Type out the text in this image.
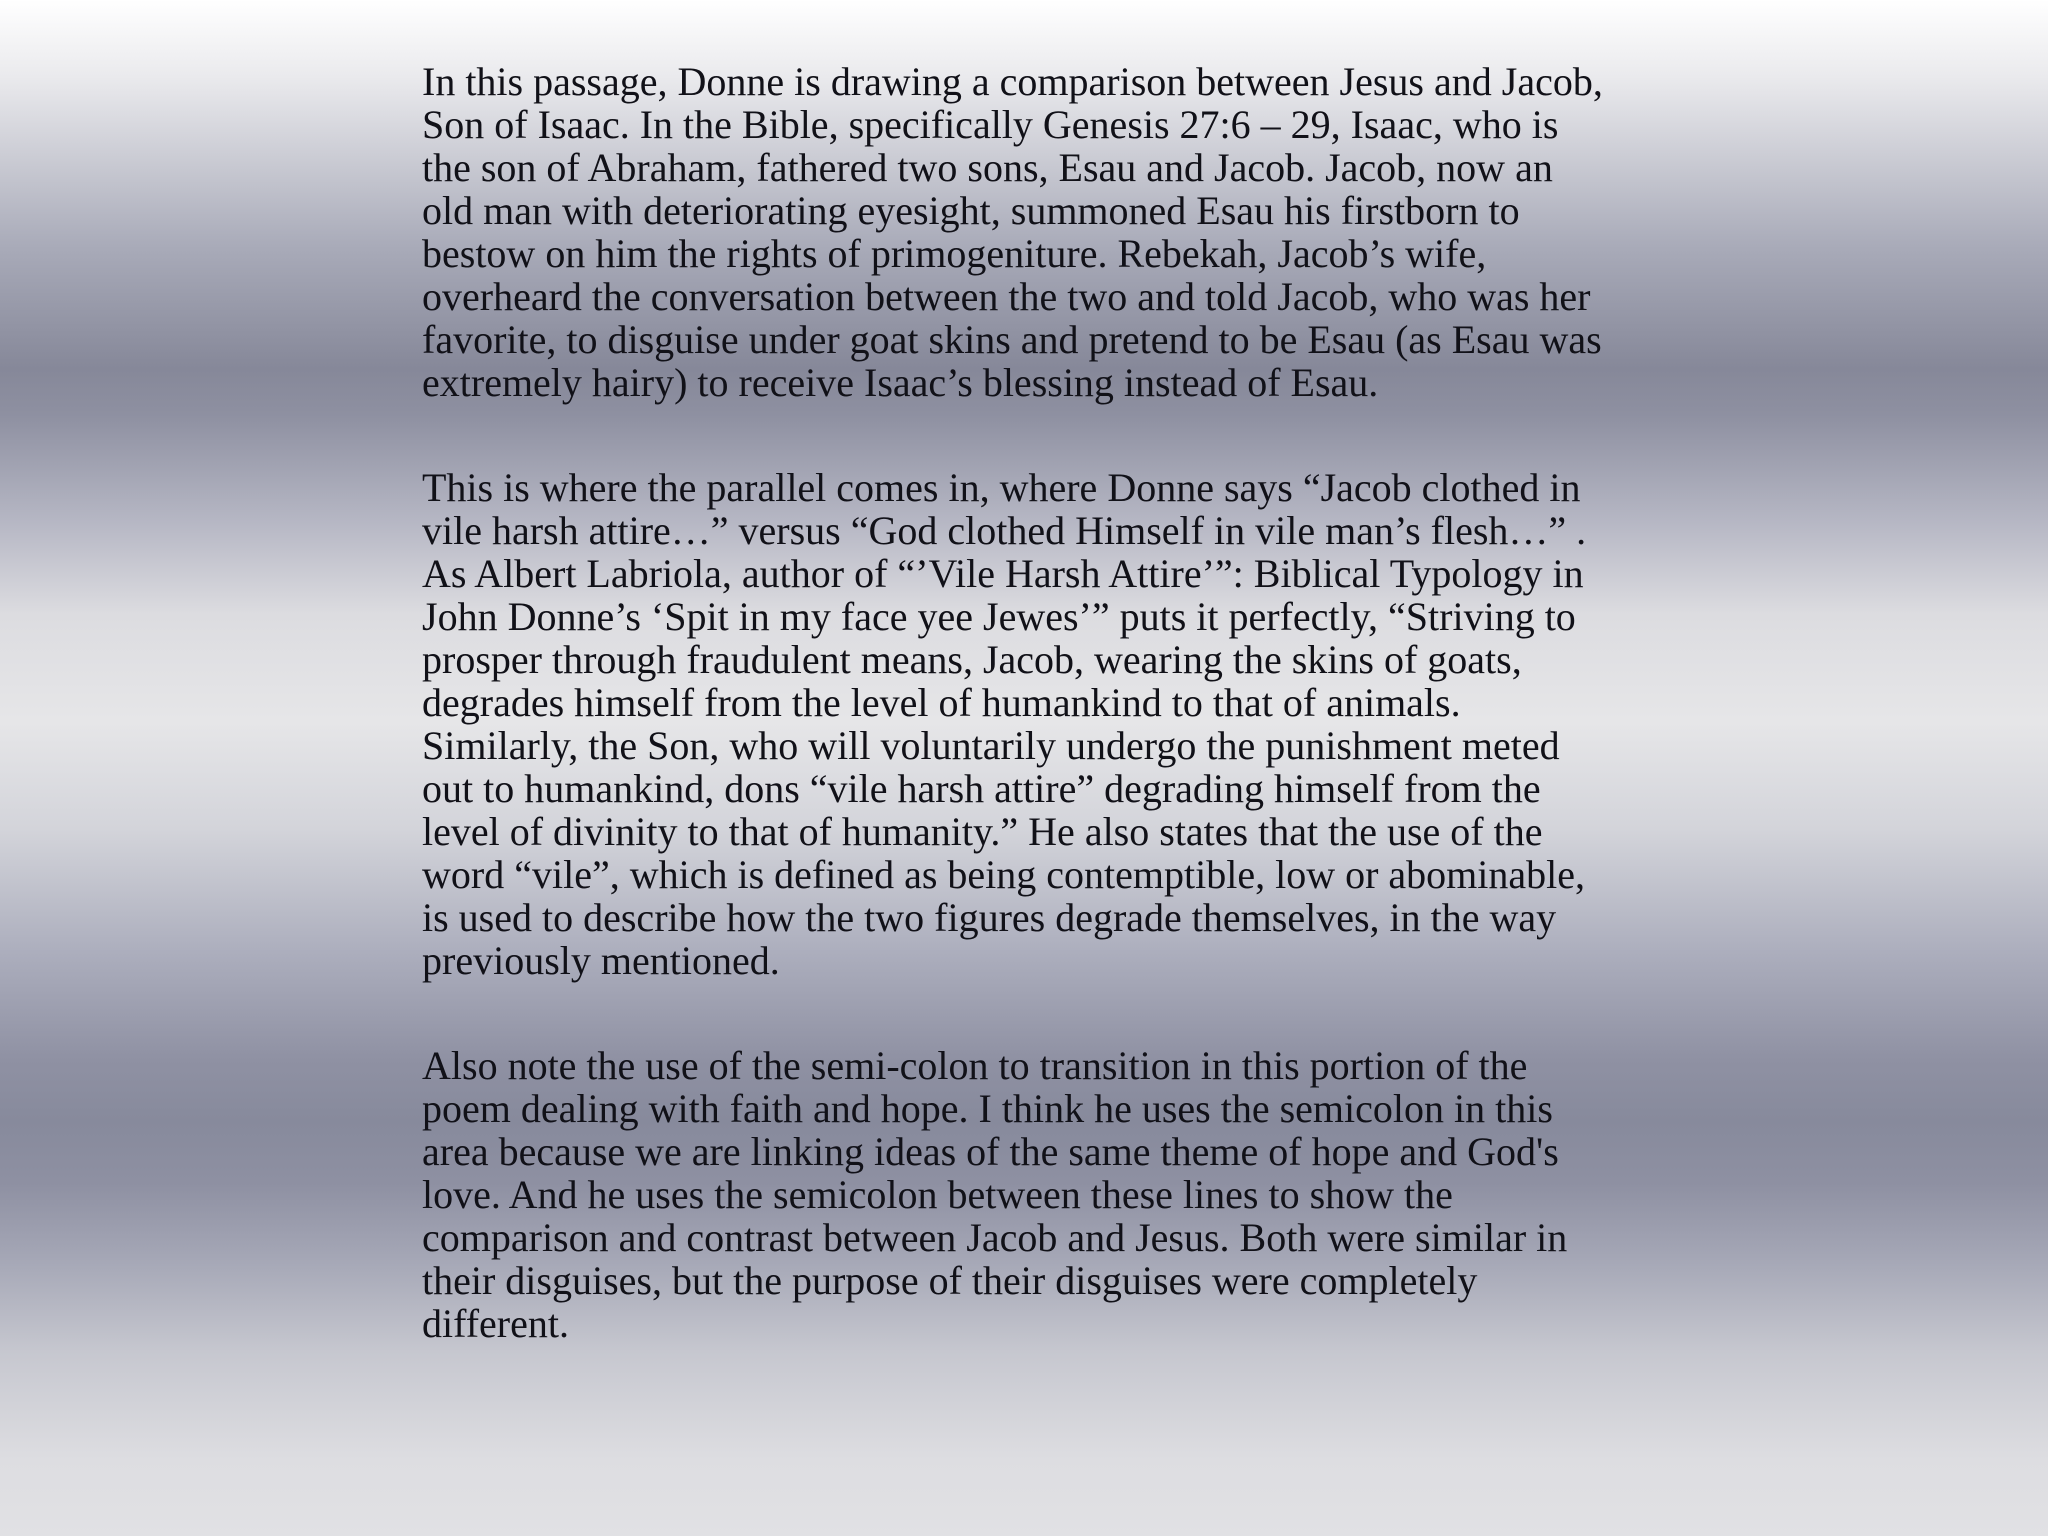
In this passage, Donne is drawing a comparison between Jesus and Jacob,
Son of Isaac. In the Bible, specifically Genesis 27:6 – 29, Isaac, who is
the son of Abraham, fathered two sons, Esau and Jacob. Jacob, now an
old man with deteriorating eyesight, summoned Esau his firstborn to
bestow on him the rights of primogeniture. Rebekah, Jacob’s wife,
overheard the conversation between the two and told Jacob, who was her
favorite, to disguise under goat skins and pretend to be Esau (as Esau was
extremely hairy) to receive Isaac’s blessing instead of Esau.

This is where the parallel comes in, where Donne says “Jacob clothed in
vile harsh attire…” versus “God clothed Himself in vile man’s flesh…” .
As Albert Labriola, author of “’Vile Harsh Attire’”: Biblical Typology in
John Donne’s ‘Spit in my face yee Jewes’” puts it perfectly, “Striving to
prosper through fraudulent means, Jacob, wearing the skins of goats,
degrades himself from the level of humankind to that of animals.
Similarly, the Son, who will voluntarily undergo the punishment meted
out to humankind, dons “vile harsh attire” degrading himself from the
level of divinity to that of humanity.” He also states that the use of the
word “vile”, which is defined as being contemptible, low or abominable,
is used to describe how the two figures degrade themselves, in the way
previously mentioned.

Also note the use of the semi-colon to transition in this portion of the
poem dealing with faith and hope. I think he uses the semicolon in this
area because we are linking ideas of the same theme of hope and God's
love. And he uses the semicolon between these lines to show the
comparison and contrast between Jacob and Jesus. Both were similar in
their disguises, but the purpose of their disguises were completely
different.
